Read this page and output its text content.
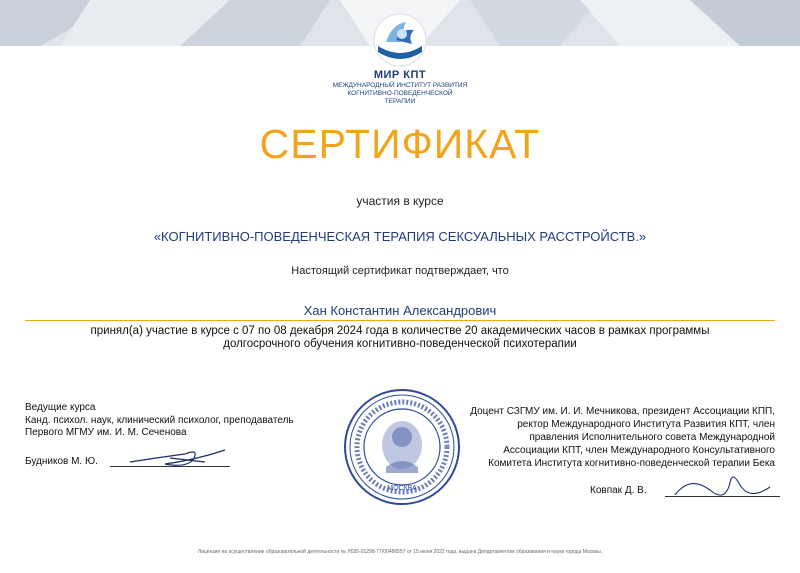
МИР КПТ
МЕЖДУНАРОДНЫЙ ИНСТИТУТ РАЗВИТИЯ
КОГНИТИВНО-ПОВЕДЕНЧЕСКОЙ
ТЕРАПИИ
СЕРТИФИКАТ
участия в курсе
«КОГНИТИВНО-ПОВЕДЕНЧЕСКАЯ ТЕРАПИЯ СЕКСУАЛЬНЫХ РАССТРОЙСТВ.»
Настоящий сертификат подтверждает, что
Хан Константин Александрович
принял(а) участие в курсе с 07 по 08 декабря 2024 года в количестве 20 академических часов в рамках программы
долгосрочного обучения когнитивно-поведенческой психотерапии
Ведущие курса
Канд. психол. наук, клинический психолог, преподаватель
Первого МГМУ им. И. М. Сеченова
Будников М. Ю.
МОСКВА
Доцент СЗГМУ им. И. И. Мечникова, президент Ассоциации КПП,
ректор Международного Института Развития КПТ, член
правления Исполнительного совета Международной
Ассоциации КПТ, член Международного Консультативного
Комитета Института когнитивно-поведенческой терапии Бека
Ковпак Д. В.
Лицензия на осуществление образовательной деятельности № Л035-01298-77/00486557 от 15 июня 2022 года, выдана Департаментом образования и науки города Москвы.
